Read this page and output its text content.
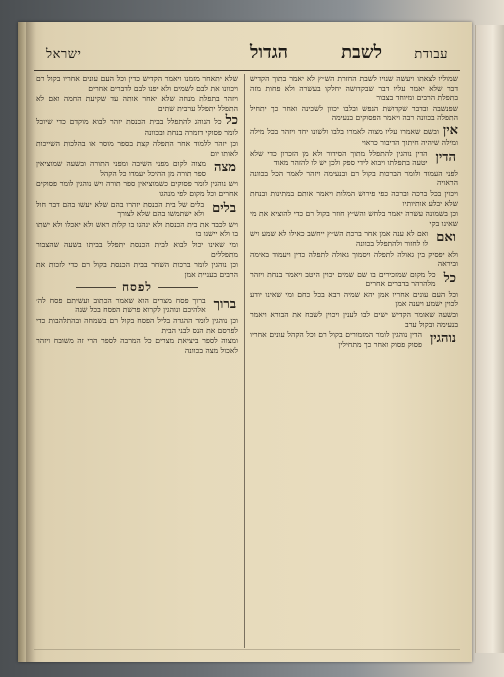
עבודת
לשבת
הגדול
ישראל

שמוליו לצאתו ויעשה שנויו לשבת החזרת הש״ץ לא יאמר בתוך הקדיש דבר שלא יאמר עליו דבר שבקדושה יחלקו בעשרה ולא פחות מזה בתפלת הרבים ומיוחד בצבור

שפנשבה ובדבר שקדושת הנפש ובלבו יכוון לשכינה ואחר כך יתחיל התפלה בכוונה רבה ויאמר הפסוקים בנעימה

איןובשם שאמרו עליו מצוה לאמרו בלבו ולשונו יחד ויזהר בכל מילה ומילה שיהיה חיתוך הדיבור כראוי

הדין
הדין נוהגין להתפלל מתוך הסידור ולא מן הזכרון כדי שלא יטעה בתפלתו ויבוא לידי ספק ולכן יש לו להזהר מאוד

לפני העמוד ולומר הברכות בקול רם ובנעימה ויזהר לאמר הכל בכוונה הראויה

ויכוין בכל ברכה וברכה כפי פירוש המלות ויאמר אותם במתינות ובנחת שלא יבלע אותיותיו

וכן בשמונה עשרה יאמר בלחש והש״ץ חוזר בקול רם כדי להוציא את מי שאינו בקי

ואם
ואם לא ענה אמן אחר ברכת הש״ץ ייחשב כאילו לא שמע ויש לו לחזור ולהתפלל בכוונה

ולא יפסיק בין גאולה לתפלה ויסמוך גאולה לתפלה כדין ויעמוד באימה וביראה

כל
כל מקום שמזכירים בו שם שמים יכוין היטב ויאמר בנחת ויזהר מלהרהר בדברים אחרים

וכל העם עונים אחריו אמן יהא שמיה רבא בכל כחם ומי שאינו יודע לכוין ישמע ויענה אמן

ובשעה שאומר הקדיש ישים לבו לענין ויכוין לשבח את הבורא ויאמר בנעימה ובקול ערב

נוהגין
הדין נוהגין לומר המזמורים בקול רם וכל הקהל עונים אחריו פסוק פסוק ואחר כך מתחילין

שלא יתאחר מזמנו ויאמר הקדיש כדין וכל העם עונים אחריו בקול רם ויכוונו את לבם לשמים ולא יפנו לבם לדברים אחרים

ויזהר בתפלת מנחה שלא יאחר אותה עד שקיעת החמה ואם לא התפלל יתפלל ערבית שתים

כלכל הנוהג להתפלל בבית הכנסת יזהר לבוא מוקדם כדי שיוכל לומר פסוקי דזמרה בנחת ובכוונה

וכן יזהר ללמוד אחר התפלה קצת בספר מוסר או בהלכות השייכות לאותו יום

מצה
מצוה לקום מפני השיבה ומפני התורה ובשעה שמוציאין ספר תורה מן ההיכל יעמדו כל הקהל

ויש נוהגין לומר פסוקים כשמוציאין ספר תורה ויש נוהגין לומר פסוקים אחרים וכל מקום לפי מנהגו

בלים
בלים של בית הכנסת יזהרו בהם שלא יעשו בהם דבר חול ולא ישתמשו בהם שלא לצורך

ויש לכבד את בית הכנסת ולא ינהגו בו קלות ראש ולא יאכלו ולא ישתו בו ולא יישנו בו

ומי שאינו יכול לבוא לבית הכנסת יתפלל בביתו בשעה שהצבור מתפללים

וכן נוהגין לומר ברכות השחר בבית הכנסת בקול רם כדי לזכות את הרבים בעניית אמן

לפסח

ברוך
ברוך פסח מצרים הוא שאמר הכתוב ועשיתם פסח לה׳ אלהיכם ונוהגין לקרוא פרשת הפסח בכל שנה

וכן נוהגין לומר ההגדה בליל הפסח בקול רם בשמחה ובהתלהבות כדי לפרסם את הנס לבני הבית

ומצוה לספר ביציאת מצרים כל המרבה לספר הרי זה משובח ויזהר לאכול מצה בכוונה
